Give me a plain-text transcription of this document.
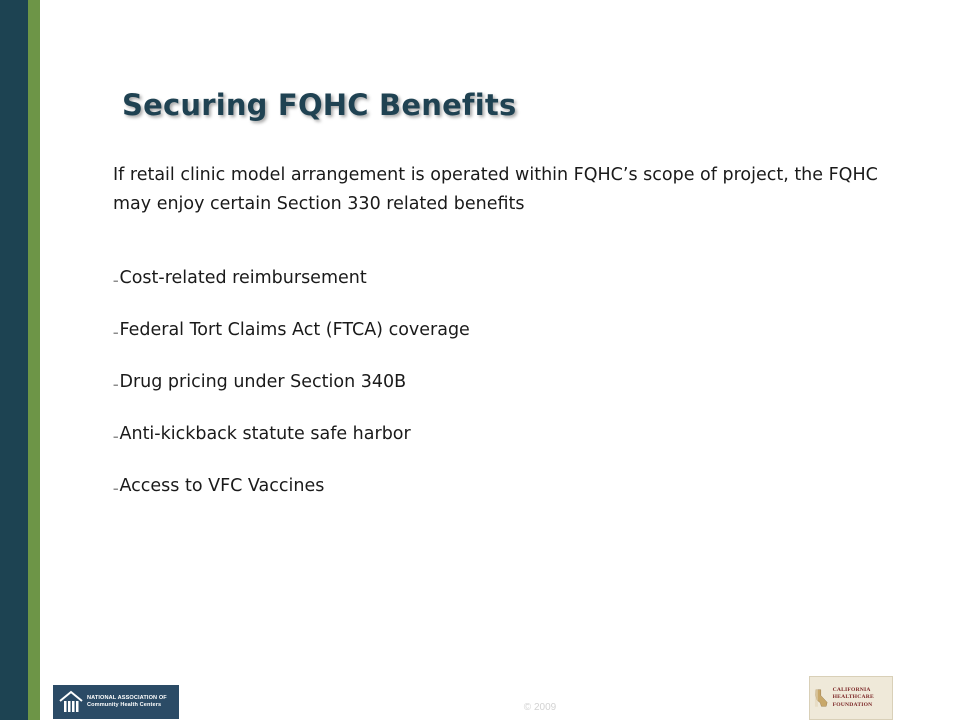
Securing FQHC Benefits

If retail clinic model arrangement is operated within FQHC’s scope of project, the FQHC may enjoy certain Section 330 related benefits

– Cost-related reimbursement
– Federal Tort Claims Act (FTCA) coverage
– Drug pricing under Section 340B
– Anti-kickback statute safe harbor
– Access to VFC Vaccines
NATIONAL ASSOCIATION OF Community Health Centers	© 2009
CALIFORNIA HEALTHCARE FOUNDATION
